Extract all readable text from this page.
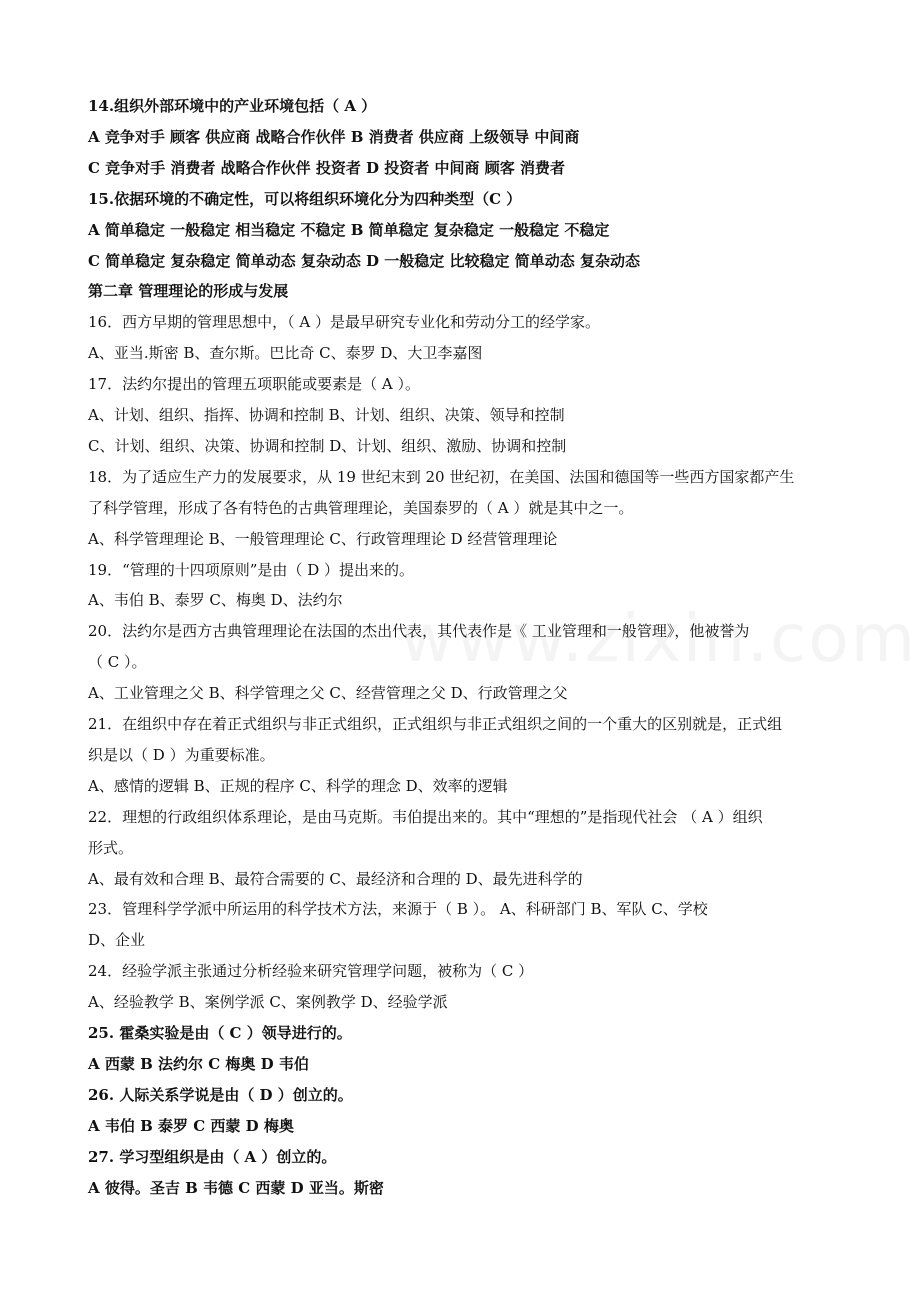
14.组织外部环境中的产业环境包括（ A ）
A 竞争对手 顾客 供应商 战略合作伙伴 B 消费者 供应商 上级领导 中间商
C 竞争对手 消费者 战略合作伙伴 投资者 D 投资者 中间商 顾客 消费者
15.依据环境的不确定性，可以将组织环境化分为四种类型（C ）
A 简单稳定 一般稳定 相当稳定 不稳定 B 简单稳定 复杂稳定 一般稳定 不稳定
C 简单稳定 复杂稳定 简单动态 复杂动态 D 一般稳定 比较稳定 简单动态 复杂动态
第二章 管理理论的形成与发展
16．西方早期的管理思想中，（ A ）是最早研究专业化和劳动分工的经学家。
A、亚当.斯密 B、查尔斯。巴比奇 C、泰罗 D、大卫李嘉图
17．法约尔提出的管理五项职能或要素是（ A ）。
A、计划、组织、指挥、协调和控制 B、计划、组织、决策、领导和控制
C、计划、组织、决策、协调和控制 D、计划、组织、激励、协调和控制
18．为了适应生产力的发展要求，从 19 世纪末到 20 世纪初，在美国、法国和德国等一些西方国家都产生
了科学管理，形成了各有特色的古典管理理论，美国泰罗的（ A ）就是其中之一。
A、科学管理理论 B、一般管理理论 C、行政管理理论 D 经营管理理论
19．“管理的十四项原则”是由（ D ）提出来的。
A、韦伯 B、泰罗 C、梅奥 D、法约尔
20．法约尔是西方古典管理理论在法国的杰出代表，其代表作是《 工业管理和一般管理》，他被誉为
（ C ）。
A、工业管理之父 B、科学管理之父 C、经营管理之父 D、行政管理之父
21．在组织中存在着正式组织与非正式组织，正式组织与非正式组织之间的一个重大的区别就是，正式组
织是以（ D ）为重要标准。
A、感情的逻辑 B、正规的程序 C、科学的理念 D、效率的逻辑
22．理想的行政组织体系理论，是由马克斯。韦伯提出来的。其中“理想的”是指现代社会 （ A ）组织
形式。
A、最有效和合理 B、最符合需要的 C、最经济和合理的 D、最先进科学的
23．管理科学学派中所运用的科学技术方法，来源于（ B ）。 A、科研部门 B、军队 C、学校
D、企业
24．经验学派主张通过分析经验来研究管理学问题，被称为（ C ）
A、经验教学 B、案例学派 C、案例教学 D、经验学派
25. 霍桑实验是由（ C ）领导进行的。
A 西蒙 B 法约尔 C 梅奥 D 韦伯
26. 人际关系学说是由（ D ）创立的。
A 韦伯 B 泰罗 C 西蒙 D 梅奥
27. 学习型组织是由（ A ）创立的。
A 彼得。圣吉 B 韦德 C 西蒙 D 亚当。斯密
